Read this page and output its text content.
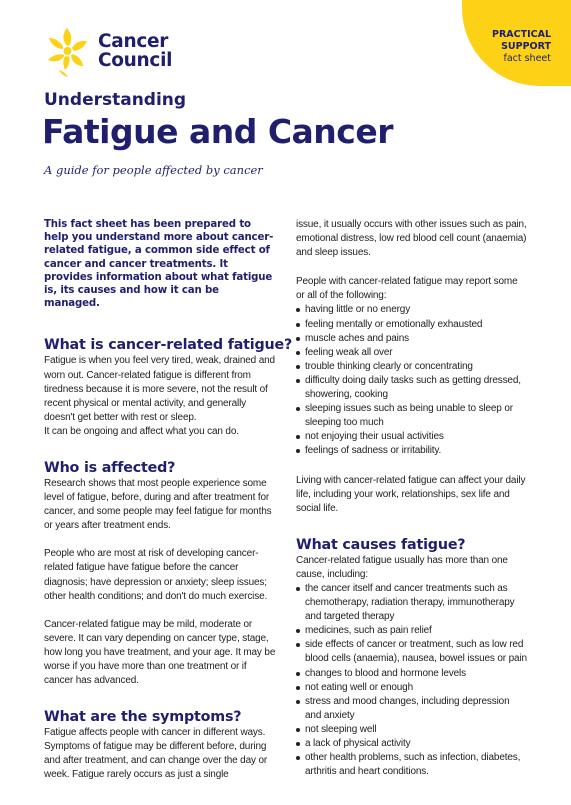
Cancer
Council
PRACTICAL
SUPPORT
fact sheet
Understanding
Fatigue and Cancer
A guide for people affected by cancer

This fact sheet has been prepared to help you understand more about cancer-related fatigue, a common side effect of cancer and cancer treatments. It provides information about what fatigue is, its causes and how it can be managed.

What is cancer-related fatigue?

Fatigue is when you feel very tired, weak, drained and worn out. Cancer-related fatigue is different from tiredness because it is more severe, not the result of recent physical or mental activity, and generally doesn't get better with rest or sleep.

It can be ongoing and affect what you can do.

Who is affected?

Research shows that most people experience some level of fatigue, before, during and after treatment for cancer, and some people may feel fatigue for months or years after treatment ends.

People who are most at risk of developing cancer-related fatigue have fatigue before the cancer diagnosis; have depression or anxiety; sleep issues; other health conditions; and don't do much exercise.

Cancer-related fatigue may be mild, moderate or severe. It can vary depending on cancer type, stage, how long you have treatment, and your age. It may be worse if you have more than one treatment or if cancer has advanced.

What are the symptoms?

Fatigue affects people with cancer in different ways. Symptoms of fatigue may be different before, during and after treatment, and can change over the day or week. Fatigue rarely occurs as just a single

issue, it usually occurs with other issues such as pain, emotional distress, low red blood cell count (anaemia) and sleep issues.

People with cancer-related fatigue may report some or all of the following:

having little or no energy
feeling mentally or emotionally exhausted
muscle aches and pains
feeling weak all over
trouble thinking clearly or concentrating
difficulty doing daily tasks such as getting dressed, showering, cooking
sleeping issues such as being unable to sleep or sleeping too much
not enjoying their usual activities
feelings of sadness or irritability.

Living with cancer-related fatigue can affect your daily life, including your work, relationships, sex life and social life.

What causes fatigue?

Cancer-related fatigue usually has more than one cause, including:

the cancer itself and cancer treatments such as chemotherapy, radiation therapy, immunotherapy and targeted therapy
medicines, such as pain relief
side effects of cancer or treatment, such as low red blood cells (anaemia), nausea, bowel issues or pain
changes to blood and hormone levels
not eating well or enough
stress and mood changes, including depression and anxiety
not sleeping well
a lack of physical activity
other health problems, such as infection, diabetes, arthritis and heart conditions.
